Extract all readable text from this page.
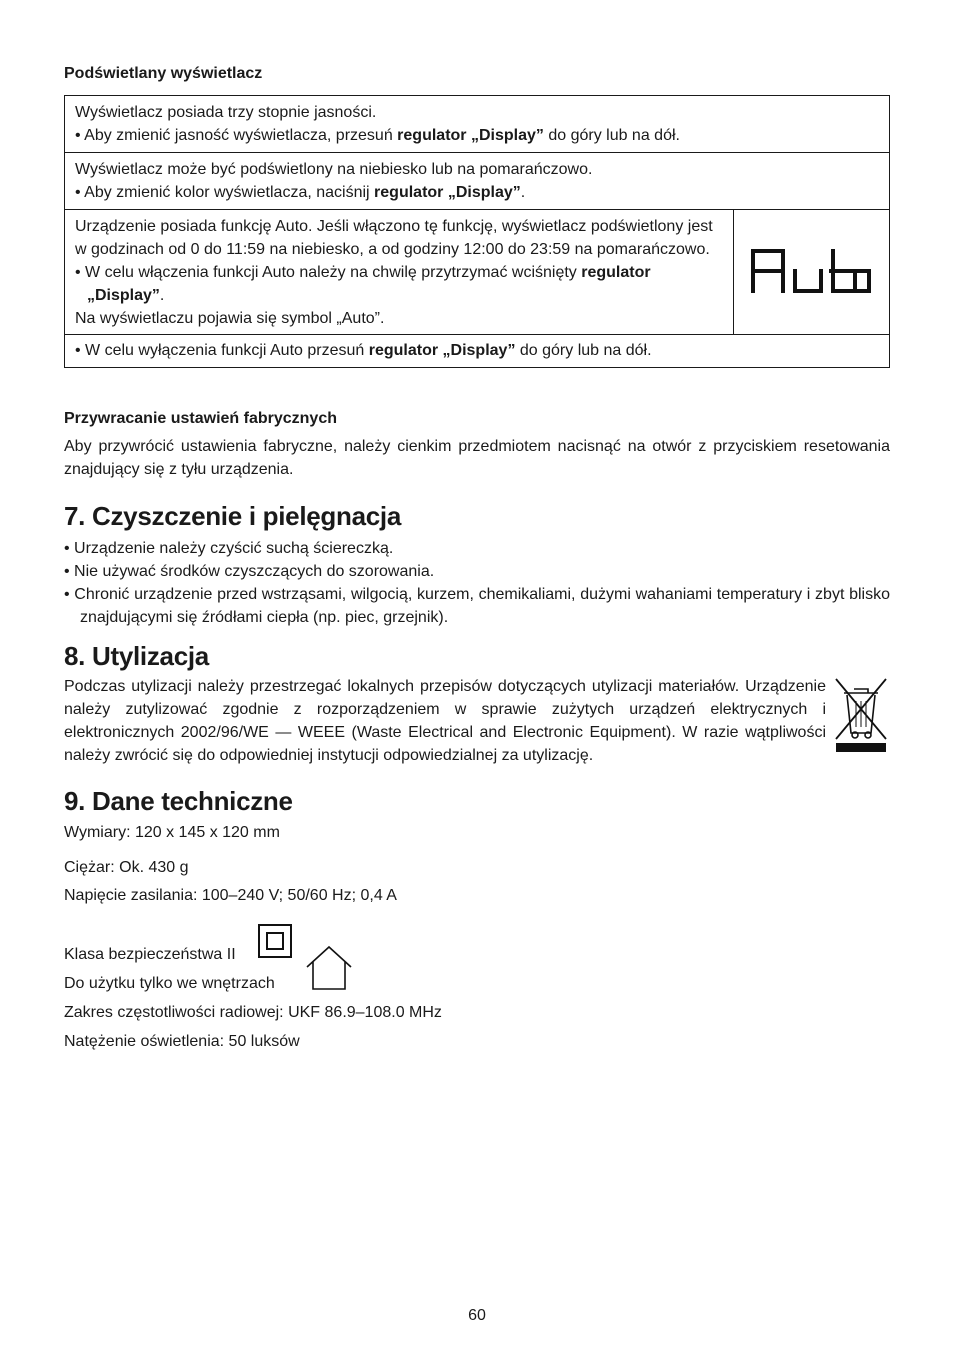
Podświetlany wyświetlacz

Wyświetlacz posiada trzy stopnie jasności.
• Aby zmienić jasność wyświetlacza, przesuń regulator „Display” do góry lub na dół.

Wyświetlacz może być podświetlony na niebiesko lub na pomarańczowo.
• Aby zmienić kolor wyświetlacza, naciśnij regulator „Display”.

Urządzenie posiada funkcję Auto. Jeśli włączono tę funkcję, wyświetlacz podświetlony jest w godzinach od 0 do 11:59 na niebiesko, a od godziny 12:00 do 23:59 na pomarańczowo.
• W celu włączenia funkcji Auto należy na chwilę przytrzymać wciśnięty regulator „Display”.
Na wyświetlaczu pojawia się symbol „Auto”.

Auto

• W celu wyłączenia funkcji Auto przesuń regulator „Display” do góry lub na dół.

Przywracanie ustawień fabrycznych

Aby przywrócić ustawienia fabryczne, należy cienkim przedmiotem nacisnąć na otwór z przyciskiem resetowania znajdujący się z tyłu urządzenia.

7. Czyszczenie i pielęgnacja
• Urządzenie należy czyścić suchą ściereczką.
• Nie używać środków czyszczących do szorowania.
• Chronić urządzenie przed wstrząsami, wilgocią, kurzem, chemikaliami, dużymi wahaniami temperatury i zbyt blisko znajdującymi się źródłami ciepła (np. piec, grzejnik).
8. Utylizacja

Podczas utylizacji należy przestrzegać lokalnych przepisów dotyczących utylizacji materiałów. Urządzenie należy zutylizować zgodnie z rozporządzeniem w sprawie zużytych urządzeń elektrycznych i elektronicznych 2002/96/WE — WEEE (Waste Electrical and Electronic Equipment). W razie wątpliwości należy zwrócić się do odpowiedniej instytucji odpowiedzialnej za utylizację.

9. Dane techniczne

Wymiary: 120 x 145 x 120 mm

Ciężar: Ok. 430 g

Napięcie zasilania: 100–240 V; 50/60 Hz; 0,4 A

Klasa bezpieczeństwa II

Do użytku tylko we wnętrzach

Zakres częstotliwości radiowej: UKF 86.9–108.0 MHz

Natężenie oświetlenia: 50 luksów

60
